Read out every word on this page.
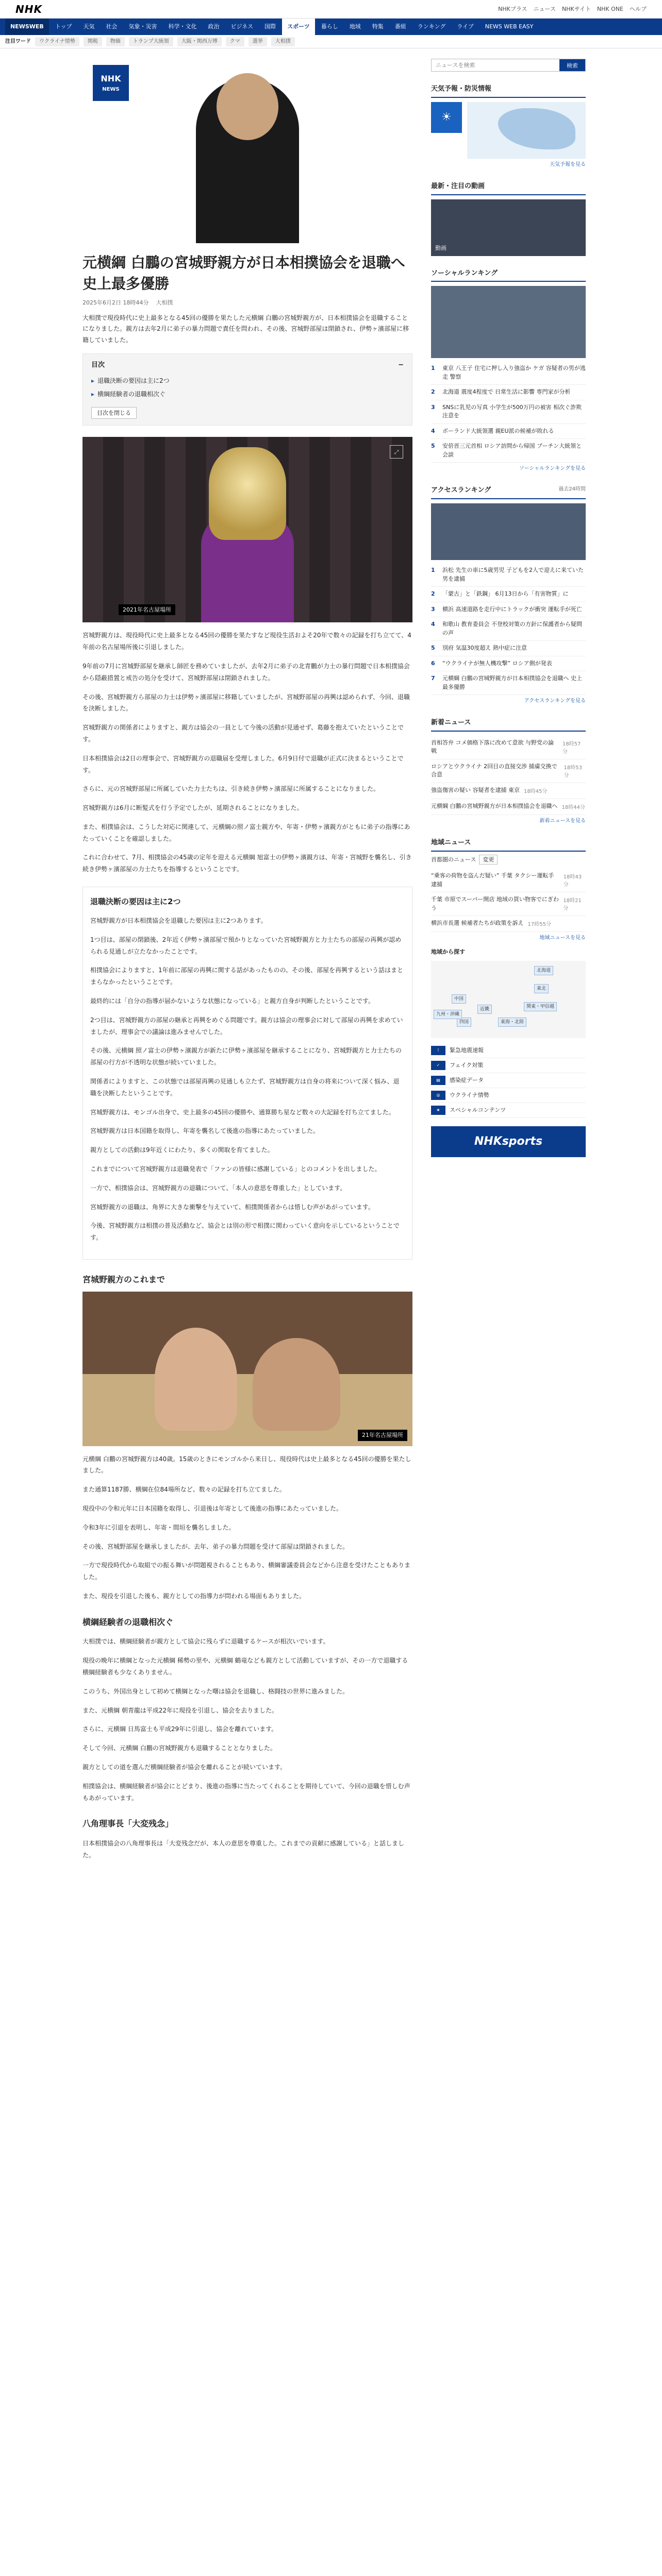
NHK	NHKプラス ニュース NHKサイト NHK ONE ヘルプ
NEWSWEB	トップ	天気	社会	気象・災害	科学・文化	政治	ビジネス	国際	スポーツ	暮らし	地域	特集	番組	ランキング	ライブ	NEWS WEB EASY
注目ワード	ウクライナ情勢	関税	物価	トランプ大統領	大阪・関西万博	クマ	選挙	大相撲
NHK
NEWS
▶
元横綱 白鵬の宮城野親方が日本相撲協会を退職へ 史上最多優勝
2025年6月2日 18時44分 大相撲

大相撲で現役時代に史上最多となる45回の優勝を果たした元横綱 白鵬の宮城野親方が、日本相撲協会を退職することになりました。親方は去年2月に弟子の暴力問題で責任を問われ、その後、宮城野部屋は閉鎖され、伊勢ヶ濱部屋に移籍していました。

目次	−
▸ 退職決断の要因は主に2つ
▸ 横綱経験者の退職相次ぐ
目次を閉じる
2021年名古屋場所
⤢

宮城野親方は、現役時代に史上最多となる45回の優勝を果たすなど現役生活およそ20年で数々の記録を打ち立てて、4年前の名古屋場所後に引退しました。

9年前の7月に宮城野部屋を継承し師匠を務めていましたが、去年2月に弟子の北青鵬が力士の暴行問題で日本相撲協会から隠蔽措置と戒告の処分を受けて、宮城野部屋は閉鎖されました。

その後、宮城野親方ら部屋の力士は伊勢ヶ濱部屋に移籍していましたが、宮城野部屋の再興は認められず、今回、退職を決断しました。

宮城野親方の関係者によりますと、親方は協会の一員として今後の活動が見通せず、葛藤を抱えていたということです。

日本相撲協会は2日の理事会で、宮城野親方の退職届を受理しました。6月9日付で退職が正式に決まるということです。

さらに、元の宮城野部屋に所属していた力士たちは、引き続き伊勢ヶ濱部屋に所属することになりました。

宮城野親方は6月に断髪式を行う予定でしたが、延期されることになりました。

また、相撲協会は、こうした対応に関連して、元横綱の照ノ富士親方や、年寄・伊勢ヶ濱親方がともに弟子の指導にあたっていくことを確認しました。

これに合わせて、7月、相撲協会の45歳の定年を迎える元横綱 旭富士の伊勢ヶ濱親方は、年寄・宮城野を襲名し、引き続き伊勢ヶ濱部屋の力士たちを指導するということです。

退職決断の要因は主に2つ

宮城野親方が日本相撲協会を退職した要因は主に2つあります。

1つ目は、部屋の閉鎖後、2年近く伊勢ヶ濱部屋で預かりとなっていた宮城野親方と力士たちの部屋の再興が認められる見通しが立たなかったことです。

相撲協会によりますと、1年前に部屋の再興に関する話があったものの、その後、部屋を再興するという話はまとまらなかったということです。

最終的には「自分の指導が届かないような状態になっている」と親方自身が判断したということです。

2つ目は、宮城野親方の部屋の継承と再興をめぐる問題です。親方は協会の理事会に対して部屋の再興を求めていましたが、理事会での議論は進みませんでした。

その後、元横綱 照ノ富士の伊勢ヶ濱親方が新たに伊勢ヶ濱部屋を継承することになり、宮城野親方と力士たちの部屋の行方が不透明な状態が続いていました。

関係者によりますと、この状態では部屋再興の見通しも立たず、宮城野親方は自身の将来について深く悩み、退職を決断したということです。

宮城野親方は、モンゴル出身で、史上最多の45回の優勝や、通算勝ち星など数々の大記録を打ち立てました。

宮城野親方は日本国籍を取得し、年寄を襲名して後進の指導にあたっていました。

親方としての活動は9年近くにわたり、多くの関取を育てました。

これまでについて宮城野親方は退職発表で「ファンの皆様に感謝している」とのコメントを出しました。

一方で、相撲協会は、宮城野親方の退職について、「本人の意思を尊重した」としています。

宮城野親方の退職は、角界に大きな衝撃を与えていて、相撲関係者からは惜しむ声があがっています。

今後、宮城野親方は相撲の普及活動など、協会とは別の形で相撲に関わっていく意向を示しているということです。

宮城野親方のこれまで
21年名古屋場所

元横綱 白鵬の宮城野親方は40歳。15歳のときにモンゴルから来日し、現役時代は史上最多となる45回の優勝を果たしました。

また通算1187勝、横綱在位84場所など、数々の記録を打ち立てました。

現役中の令和元年に日本国籍を取得し、引退後は年寄として後進の指導にあたっていました。

令和3年に引退を表明し、年寄・間垣を襲名しました。

その後、宮城野部屋を継承しましたが、去年、弟子の暴力問題を受けて部屋は閉鎖されました。

一方で現役時代から取組での振る舞いが問題視されることもあり、横綱審議委員会などから注意を受けたこともありました。

また、現役を引退した後も、親方としての指導力が問われる場面もありました。

横綱経験者の退職相次ぐ

大相撲では、横綱経験者が親方として協会に残らずに退職するケースが相次いでいます。

現役の晩年に横綱となった元横綱 稀勢の里や、元横綱 鶴竜なども親方として活動していますが、その一方で退職する横綱経験者も少なくありません。

このうち、外国出身として初めて横綱となった曙は協会を退職し、格闘技の世界に進みました。

また、元横綱 朝青龍は平成22年に現役を引退し、協会を去りました。

さらに、元横綱 日馬富士も平成29年に引退し、協会を離れています。

そして今回、元横綱 白鵬の宮城野親方も退職することとなりました。

親方としての道を選んだ横綱経験者が協会を離れることが続いています。

相撲協会は、横綱経験者が協会にとどまり、後進の指導に当たってくれることを期待していて、今回の退職を惜しむ声もあがっています。

八角理事長「大変残念」

日本相撲協会の八角理事長は「大変残念だが、本人の意思を尊重した。これまでの貢献に感謝している」と話しました。

ニュースを検索
検索
天気予報・防災情報
☀
天気予報を見る
最新・注目の動画
動画
ソーシャルランキング
1	東京 八王子 住宅に押し入り強盗か ケガ 容疑者の男が逃走 警察
2	北海道 震度4程度で 日常生活に影響 専門家が分析
3	SNSに乳児の写真 小学生が500万円の被害 相次ぐ詐欺 注意を
4	ボーランド大統領選 親EU派の候補が敗れる
5	安倍晋三元首相 ロシア訪問から帰国 プーチン大統領と会談
ソーシャルランキングを見る
アクセスランキング	過去24時間
1	浜松 先生の車に5歳男児 子どもを2人で迎えに来ていた男を逮捕
2	「蒙古」と「鉄鋼」 6月13日から「有害物質」に
3	横浜 高速道路を走行中にトラックが衝突 運転手が死亡
4	和歌山 教育委員会 不登校対策の方針に保護者から疑問の声
5	別府 気温30度超え 熱中症に注意
6	“ウクライナが無人機攻撃” ロシア側が発表
7	元横綱 白鵬の宮城野親方が日本相撲協会を退職へ 史上最多優勝
アクセスランキングを見る
新着ニュース
首相答弁 コメ価格下落に改めて意欲 与野党の論戦
18時57分
ロシアとウクライナ 2回目の直接交渉 捕虜交換で合意
18時53分
強盗傷害の疑い 容疑者を逮捕 東京 18時45分
元横綱 白鵬の宮城野親方が日本相撲協会を退職へ 18時44分
新着ニュースを見る
地域ニュース
首都圏のニュース	変更
“乗客の荷物を盗んだ疑い” 千葉 タクシー運転手逮捕
18時43分
千葉 市原でスーパー開店 地域の買い物客でにぎわう
18時21分
横浜市長選 候補者たちが政策を訴え 17時55分
地域ニュースを見る
地域から探す
北海道
東北
関東・甲信越
東海・北陸
近畿
中国
四国
九州・沖縄
!	緊急地震速報
✓	フェイク対策
▤	感染症データ
◎	ウクライナ情勢
★	スペシャルコンテンツ
NHKsports
